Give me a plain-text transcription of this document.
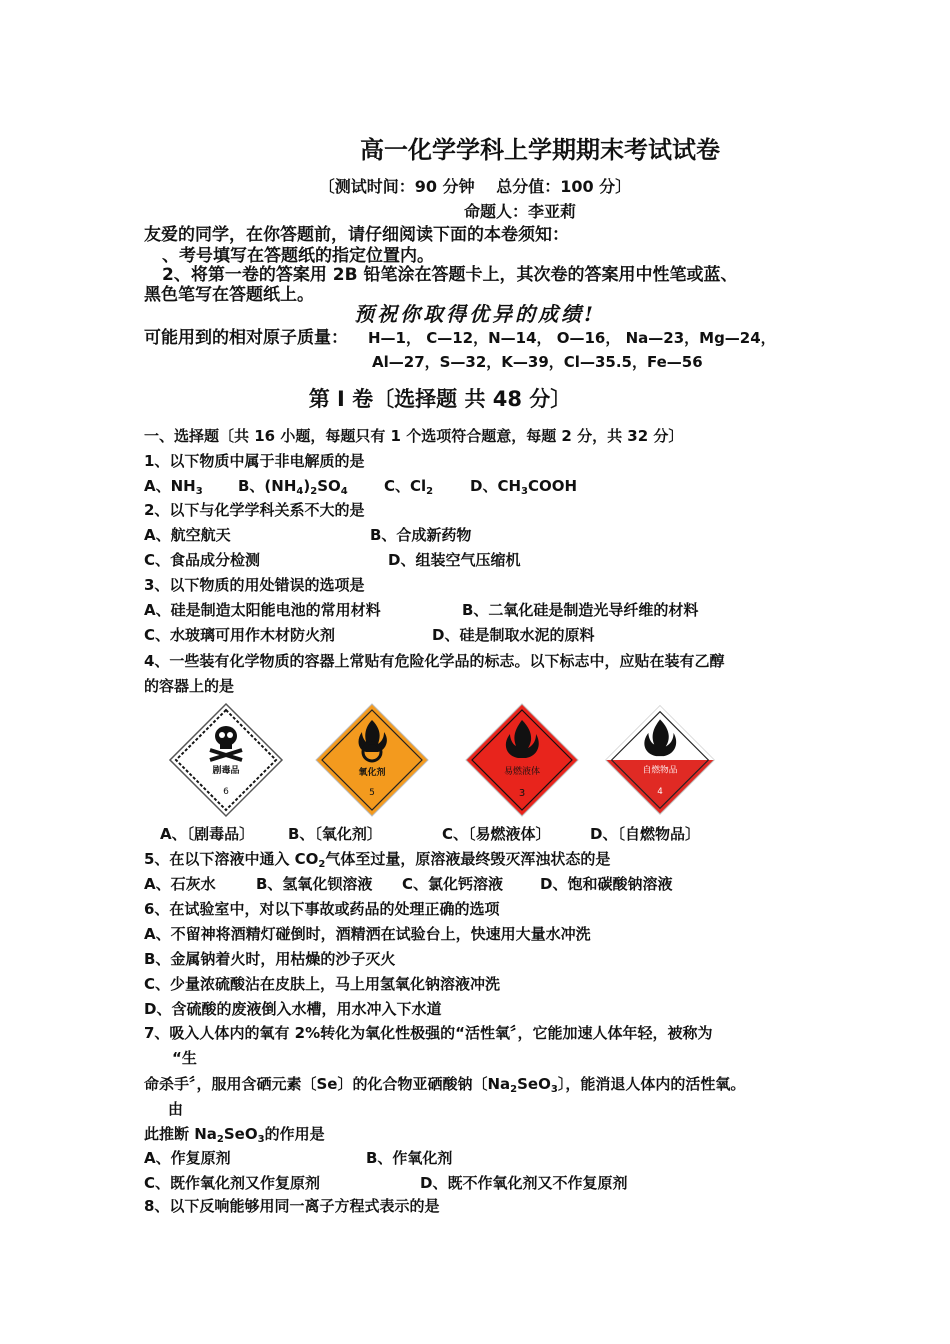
高一化学学科上学期期末考试试卷
〔测试时间：90 分钟　 总分值：100 分〕
命题人：李亚莉
友爱的同学，在你答题前，请仔细阅读下面的本卷须知：
、考号填写在答题纸的指定位置内。
2、将第一卷的答案用 2B 铅笔涂在答题卡上，其次卷的答案用中性笔或蓝、
黑色笔写在答题纸上。
预祝你取得优异的成绩!
可能用到的相对原子质量： H—1， C—12，N—14， O—16， Na—23，Mg—24，
Al—27，S—32，K—39，Cl—35.5，Fe—56
第 I 卷〔选择题 共 48 分〕
一、选择题〔共 16 小题，每题只有 1 个选项符合题意，每题 2 分，共 32 分〕
1、以下物质中属于非电解质的是
A、$NH_3$ B、$(NH_4)_2SO_4$ C、$Cl_2$ D、$CH_3COOH$
2、以下与化学学科关系不大的是
A、航空航天	B、合成新药物
C、食品成分检测	D、组装空气压缩机
3、以下物质的用处错误的选项是
A、硅是制造太阳能电池的常用材料	B、二氧化硅是制造光导纤维的材料
C、水玻璃可用作木材防火剂	D、硅是制取水泥的原料
4、一些装有化学物质的容器上常贴有危险化学品的标志。以下标志中，应贴在装有乙醇
的容器上的是
剧毒品
6
氧化剂
5
易燃液体
3
自燃物品
4
A、〔剧毒品〕 B、〔氧化剂〕	C、〔易燃液体〕	D、〔自燃物品〕
5、在以下溶液中通入 $CO_2$气体至过量，原溶液最终毁灭浑浊状态的是
A、石灰水	B、氢氧化钡溶液 C、氯化钙溶液 D、饱和碳酸钠溶液
6、在试验室中，对以下事故或药品的处理正确的选项
A、不留神将酒精灯碰倒时，酒精洒在试验台上，快速用大量水冲洗
B、金属钠着火时，用枯燥的沙子灭火
C、少量浓硫酸沾在皮肤上，马上用氢氧化钠溶液冲洗
D、含硫酸的废液倒入水槽，用水冲入下水道
7、吸入人体内的氧有 2%转化为氧化性极强的“活性氧〞，它能加速人体年轻，被称为
“生
命杀手〞，服用含硒元素〔Se〕的化合物亚硒酸钠〔$Na_2SeO_3$〕，能消退人体内的活性氧。
由
此推断 $Na_2SeO_3$的作用是
A、作复原剂	B、作氧化剂
C、既作氧化剂又作复原剂	D、既不作氧化剂又不作复原剂
8、以下反响能够用同一离子方程式表示的是
